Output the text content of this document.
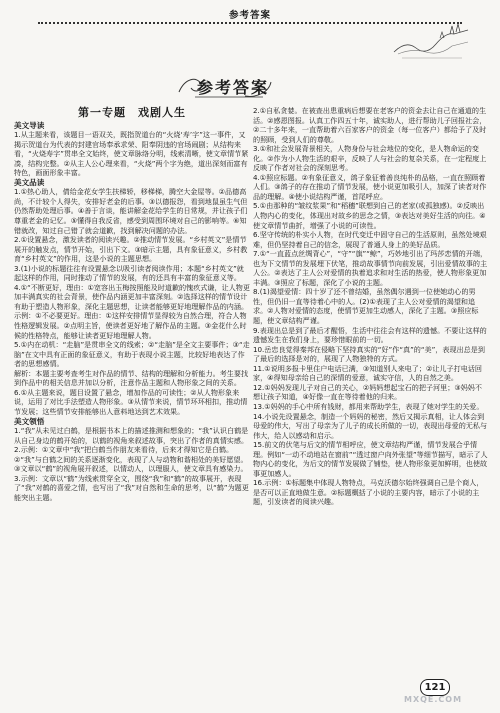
参考答案
参考答案
第一专题　戏剧人生
美文导读

1.从主题来看，该题目一语双关，既指贺道台的“火烧‘寿’字”这一事件，又揭示贺道台为代表的封建官场奉承求荣、阳奉阴违的官场闹剧；从结构来看，“火烧寿字”贯串全文始终，使文章脉络分明，线索清晰，使文章情节紧凑，结构完整。②从主人公心理来看，“火烧”两个字为绝，道出深刻而富有特色，画面形象丰富。

美文品读

1.①热心助人，倩给金花女学生扶梯轿，移梯梯，腾空大金屋等。②品德高尚，不计较个人得失，安排好老金的后事。③以德报怨，看到地鼠虽生气但仍然帮助处理后事。④善于言谈，能讲解金花给学生的日常规，并让孩子们尊重老金的记忆。⑤懂得自我反省，感受到周围环境对自己的影响等。⑥知错就改，知过自己错了就会道歉，找到解决问题的办法。

2.①设置悬念，激发读者的阅读兴趣。②推动情节发展。“乡村英文”是情节展开的触发点，情节开始，引出下文。③暗示主题，具有象征意义，乡村教育“乡村英文”的作用，这是小说的主题思想。

3.(1)小说的标题往往有设置悬念以吸引读者阅读作用；本题“乡村英文”就起这样的作用，同时推动了情节的发展，有的还具有丰富的象征意义等。

4.①“不断更好，理由：①宽容出玉梅按照能及时道歉的愧疚式谦，让人物更加丰满真实的社会背景，使作品内涵更加丰富深刻。②选择这样的情节设计有助于塑造人物形象，深化主题思想，让读者能够更好地理解作品的内涵。

示例：①不必要更好。理由：①这样安排情节显得较为自然合理，符合人物性格逻辑发展。②点明主旨，使读者更好地了解作品的主题。③金花什么时候的性格特点，能够让读者更好地理解人物。

5.①内在动机：“走脑”是贯串全文的线索；②“走脑”是全文主要事件；③“走脑”在文中具有正面的象征意义，有助于表现小说主题，比较好地表达了作者的思想感情。

解析：本题主要考查考生对作品的情节、结构的理解和分析能力。考生要找到作品中的相关信息并加以分析，注意作品主题和人物形象之间的关系。

6.①从主题来说，题目设置了悬念，增加作品的可读性；②从人物形象来说，运用了对比手法塑造人物形象。③从情节来说，情节环环相扣，推动情节发展；这些情节安排能够出人意料地达到艺术效果。

美文领悟

1.“我”从未见过白鹤，是根据书本上的描述推测和想象的；“我”认识白鹤是从自己身边的鹤开始的，以鹤的视角来叙述故事，突出了作者的真情实感。

2.示例：①文章中“我”把白鹤当作朋友来看待，后来才得知它是白鹤。②“我”与白鹤之间的关系逐渐变化，表现了人与动物和谐相处的美好愿望。③文章以“鹤”的视角展开叙述，以情动人，以理服人，使文章具有感染力。

3.示例：文章以“鹤”为线索贯穿全文，围绕“我”和“鹤”的故事展开，表现了“我”对鹤的喜爱之情，也写出了“我”对自然和生命的思考，以“鹤”为题更能突出主题。

2.①自私贪婪。在被查出患重病后想要在老客户的资金去让自己在通道的生活。②感恩图报。认真工作四五十年，诚实助人，进行帮助儿子回报社会，②二十多年来，一直帮助着六百家客户的资金（每一位客户）都给予了及时的照顾，受到人们的尊敬。

3.①和社会发展背景相关，人物身份与社会地位的变化，是人物命运的变化。②作为小人物生活的艰辛，反映了人与社会的复杂关系，在一定程度上反映了作者对社会的深刻思考。

4.①照应标题。②有象征意义，鸽子象征着善良纯朴的品格，一直在照顾着人们。③鸽子的存在推动了情节发展，使小说更加吸引人，加深了读者对作品的理解。④使小说结构严谨，首尾呼应。

5.①由那种的“皱纹浆果”和“稻穗”联想到自己的老家(或孤独感)。②反映出人物内心的变化，体现出对故乡的思念之情，③表达对美好生活的向往。④使文章情节曲折，增强了小说的可读性。

6.坚守传统的朴实小人物，在时代变迁中固守自己的生活原则，虽然处境艰难，但仍坚持着自己的信念，展现了普通人身上的美好品质。

7.①“一直蓝点丝绸背心”，“守”“旗”“鲸”，巧妙地引出了玛莎恋情的开端，也为下文情节的发展埋下伏笔，推动故事情节向前发展，引出爱情故事的主人公。②表达了主人公对爱情的执着追求和对生活的热爱，使人物形象更加丰满。③照应了标题，深化了小说的主题。

8.(1)渴望爱情：四十岁了还不曾结婚，虽然偶尔遇到一位使她动心的男性，但仍旧一直等待着心中的人。(2)①表现了主人公对爱情的渴望和追求。②人物对爱情的态度，使情节更加生动感人，深化了主题。③照应标题，使文章结构严谨。

9.表现出总是到了最后才醒悟，生活中往往会有这样的遗憾。不要让这样的遗憾发生在我们身上，要珍惜眼前的一切。

10.岳忠良觉得秦邦在侵略下坚持真实的“好”作“真”的“美”，表现出总是到了最后的选择是对的，展现了人物独特的方式。

11.①说明多报卡里住户电话已满，③知道别人来电了；②让儿子打电话回家，④得知母亲给自己的深情的爱意，诚实守信，人的自然之美。

12.①妈妈发现儿子对自己的关心，②妈妈想起宝石的把子河里；③妈妈不想让孩子知道，④好像一直在等待着他的归来。

13.①妈妈的手心中所有钱财，都用来帮助学生，表现了她对学生的关爱。

14.小说先设置悬念，制造一个妈妈的秘密，然后又揭示真相，让人体会到母爱的伟大，写出了母亲为了儿子的成长所做的一切，表现出母爱的无私与伟大，给人以感动和启示。

15.前文的伏笔与后文的情节相呼应，使文章结构严谨，情节发展合乎情理。例如“一动不动地站在窗前”“透过窗户向外张望”等细节描写，暗示了人物内心的变化，为后文的情节发展做了铺垫，使人物形象更加鲜明，也使故事更加感人。

16.示例：①标题集中体现人物特点，马克沃德尔始终强调自己是个商人，是否可以正直地做生意。②标题概括了小说的主要内容，暗示了小说的主题，引发读者的阅读兴趣。

121
MXQE.COM
